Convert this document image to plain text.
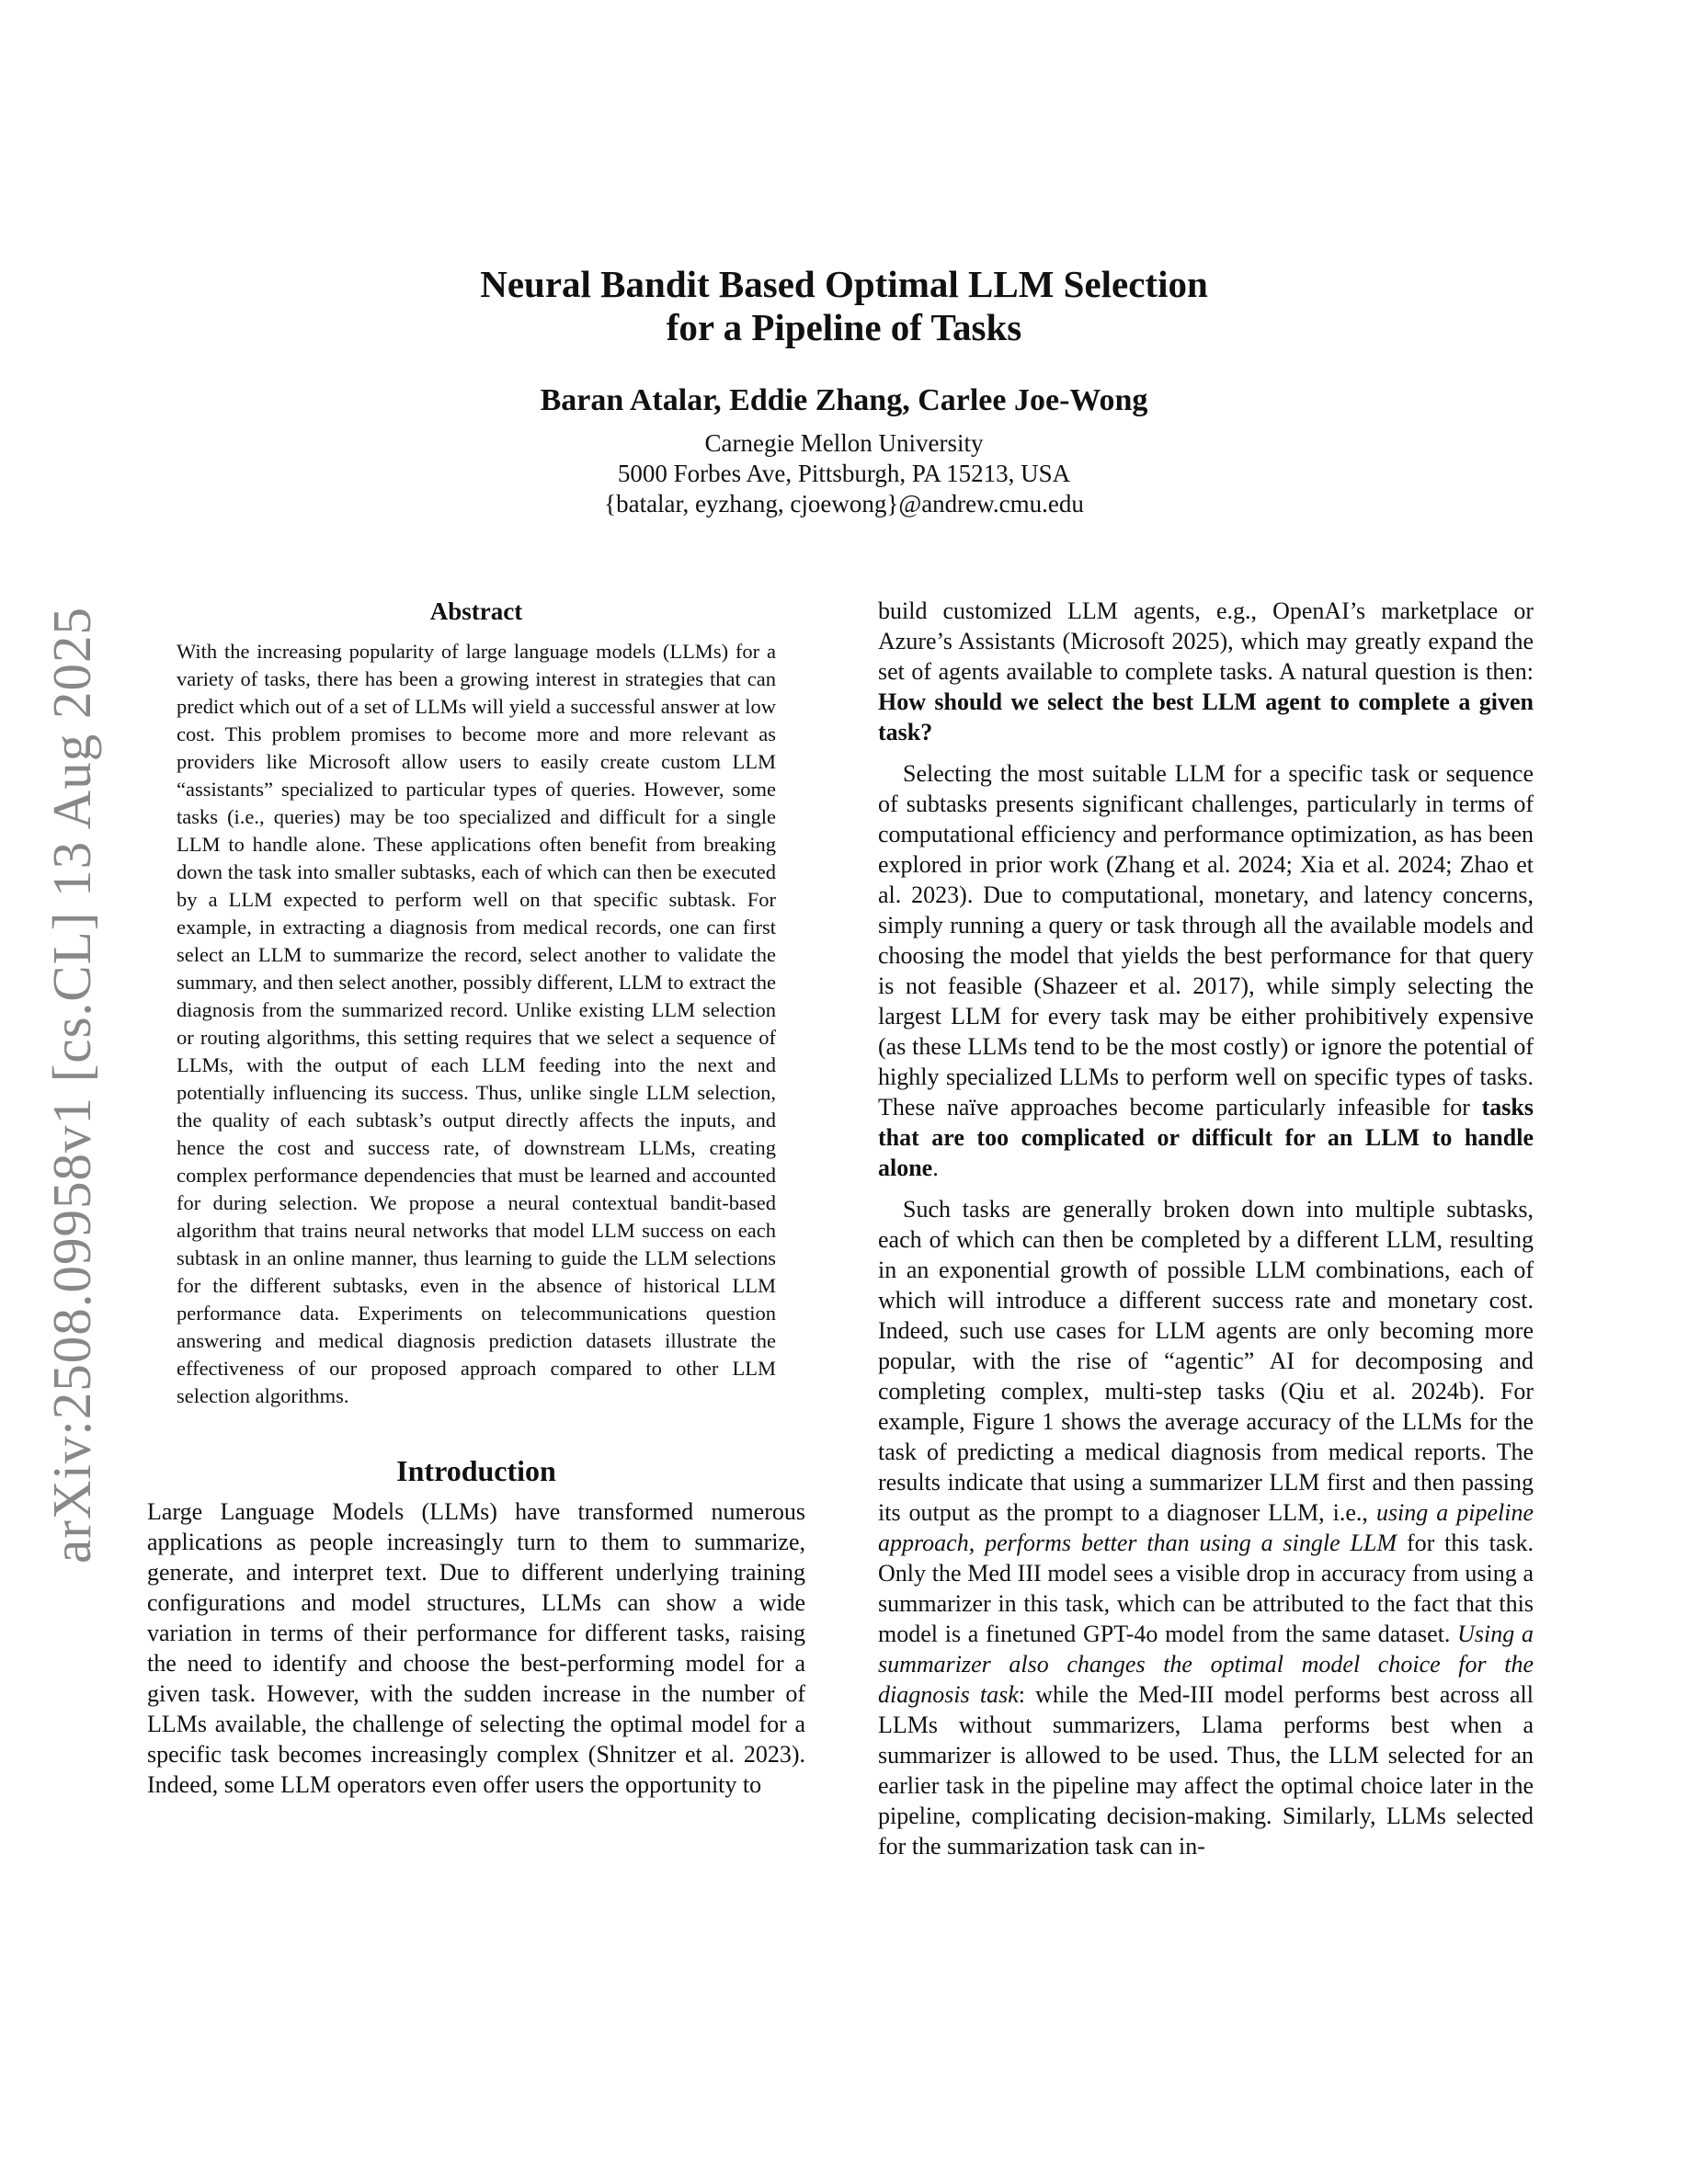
arXiv:2508.09958v1 [cs.CL] 13 Aug 2025
Neural Bandit Based Optimal LLM Selection
for a Pipeline of Tasks
Baran Atalar, Eddie Zhang, Carlee Joe-Wong
Carnegie Mellon University
5000 Forbes Ave, Pittsburgh, PA 15213, USA
{batalar, eyzhang, cjoewong}@andrew.cmu.edu
Abstract
With the increasing popularity of large language models (LLMs) for a variety of tasks, there has been a growing interest in strategies that can predict which out of a set of LLMs will yield a successful answer at low cost. This problem promises to become more and more relevant as providers like Microsoft allow users to easily create custom LLM “assistants” specialized to particular types of queries. However, some tasks (i.e., queries) may be too specialized and difficult for a single LLM to handle alone. These applications often benefit from breaking down the task into smaller subtasks, each of which can then be executed by a LLM expected to perform well on that specific subtask. For example, in extracting a diagnosis from medical records, one can first select an LLM to summarize the record, select another to validate the summary, and then select another, possibly different, LLM to extract the diagnosis from the summarized record. Unlike existing LLM selection or routing algorithms, this setting requires that we select a sequence of LLMs, with the output of each LLM feeding into the next and potentially influencing its success. Thus, unlike single LLM selection, the quality of each subtask’s output directly affects the inputs, and hence the cost and success rate, of downstream LLMs, creating complex performance dependencies that must be learned and accounted for during selection. We propose a neural contextual bandit-based algorithm that trains neural networks that model LLM success on each subtask in an online manner, thus learning to guide the LLM selections for the different subtasks, even in the absence of historical LLM performance data. Experiments on telecommunications question answering and medical diagnosis prediction datasets illustrate the effectiveness of our proposed approach compared to other LLM selection algorithms.
Introduction

Large Language Models (LLMs) have transformed numerous applications as people increasingly turn to them to summarize, generate, and interpret text. Due to different underlying training configurations and model structures, LLMs can show a wide variation in terms of their performance for different tasks, raising the need to identify and choose the best-performing model for a given task. However, with the sudden increase in the number of LLMs available, the challenge of selecting the optimal model for a specific task becomes increasingly complex (Shnitzer et al. 2023). Indeed, some LLM operators even offer users the opportunity to

build customized LLM agents, e.g., OpenAI’s marketplace or Azure’s Assistants (Microsoft 2025), which may greatly expand the set of agents available to complete tasks. A natural question is then: How should we select the best LLM agent to complete a given task?

Selecting the most suitable LLM for a specific task or sequence of subtasks presents significant challenges, particularly in terms of computational efficiency and performance optimization, as has been explored in prior work (Zhang et al. 2024; Xia et al. 2024; Zhao et al. 2023). Due to computational, monetary, and latency concerns, simply running a query or task through all the available models and choosing the model that yields the best performance for that query is not feasible (Shazeer et al. 2017), while simply selecting the largest LLM for every task may be either prohibitively expensive (as these LLMs tend to be the most costly) or ignore the potential of highly specialized LLMs to perform well on specific types of tasks. These naïve approaches become particularly infeasible for tasks that are too complicated or difficult for an LLM to handle alone.

Such tasks are generally broken down into multiple subtasks, each of which can then be completed by a different LLM, resulting in an exponential growth of possible LLM combinations, each of which will introduce a different success rate and monetary cost. Indeed, such use cases for LLM agents are only becoming more popular, with the rise of “agentic” AI for decomposing and completing complex, multi-step tasks (Qiu et al. 2024b). For example, Figure 1 shows the average accuracy of the LLMs for the task of predicting a medical diagnosis from medical reports. The results indicate that using a summarizer LLM first and then passing its output as the prompt to a diagnoser LLM, i.e., using a pipeline approach, performs better than using a single LLM for this task. Only the Med III model sees a visible drop in accuracy from using a summarizer in this task, which can be attributed to the fact that this model is a finetuned GPT-4o model from the same dataset. Using a summarizer also changes the optimal model choice for the diagnosis task: while the Med-III model performs best across all LLMs without summarizers, Llama performs best when a summarizer is allowed to be used. Thus, the LLM selected for an earlier task in the pipeline may affect the optimal choice later in the pipeline, complicating decision-making. Similarly, LLMs selected for the summarization task can in-
